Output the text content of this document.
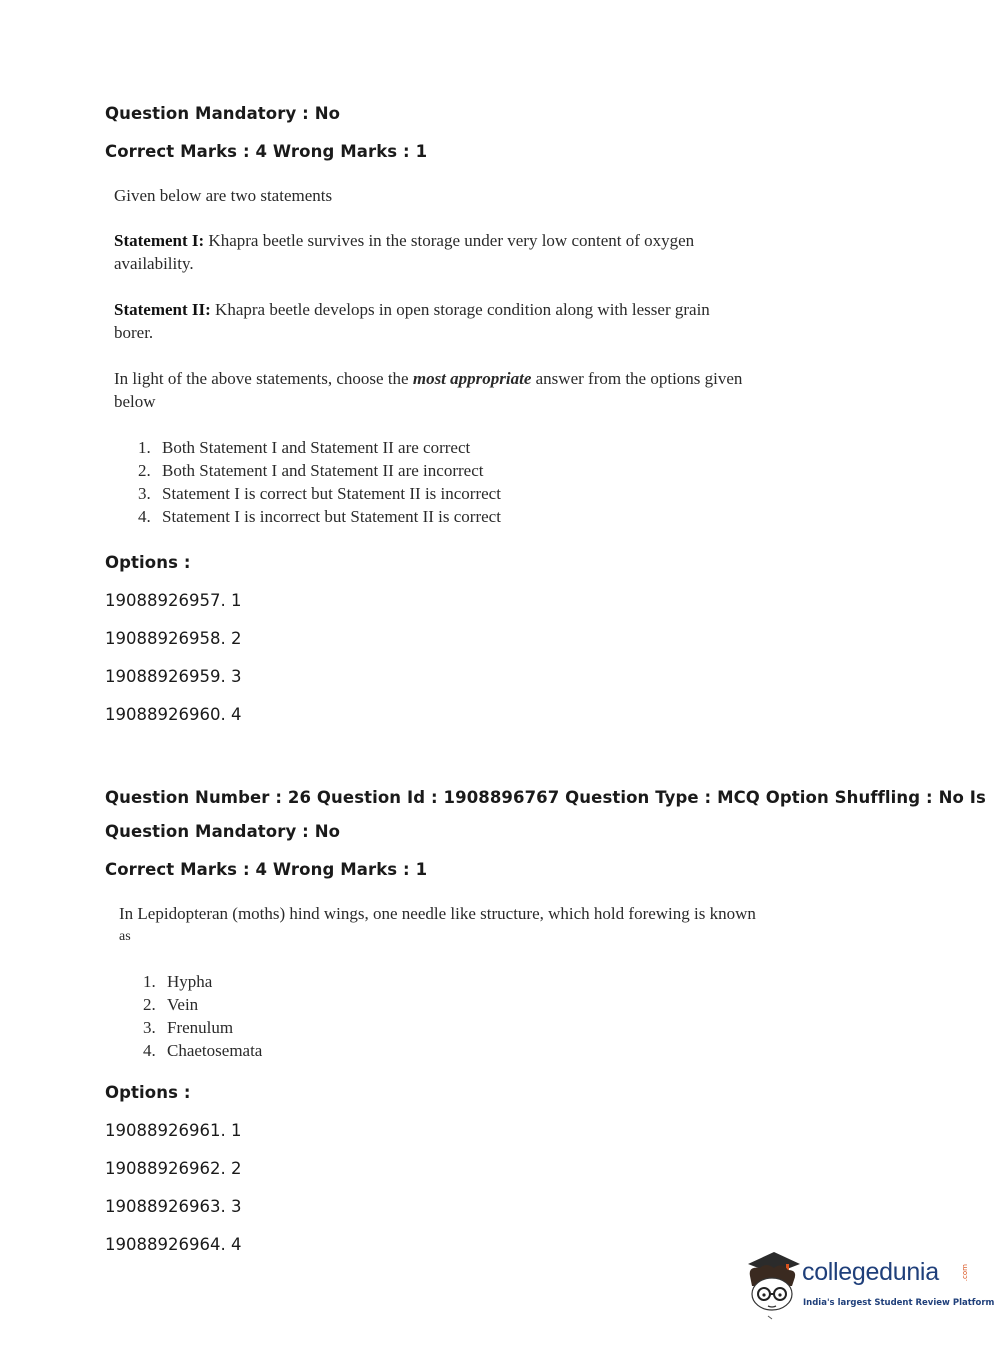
Question Mandatory : No
Correct Marks : 4 Wrong Marks : 1
Given below are two statements
Statement I: Khapra beetle survives in the storage under very low content of oxygen
availability.
Statement II: Khapra beetle develops in open storage condition along with lesser grain
borer.
In light of the above statements, choose the most appropriate answer from the options given
below
1. Both Statement I and Statement II are correct
2. Both Statement I and Statement II are incorrect
3. Statement I is correct but Statement II is incorrect
4. Statement I is incorrect but Statement II is correct
Options :
19088926957. 1
19088926958. 2
19088926959. 3
19088926960. 4
Question Number : 26 Question Id : 1908896767 Question Type : MCQ Option Shuffling : No Is
Question Mandatory : No
Correct Marks : 4 Wrong Marks : 1
In Lepidopteran (moths) hind wings, one needle like structure, which hold forewing is known
as
1. Hypha
2. Vein
3. Frenulum
4. Chaetosemata
Options :
19088926961. 1
19088926962. 2
19088926963. 3
19088926964. 4
collegedunia	.com
India's largest Student Review Platform
